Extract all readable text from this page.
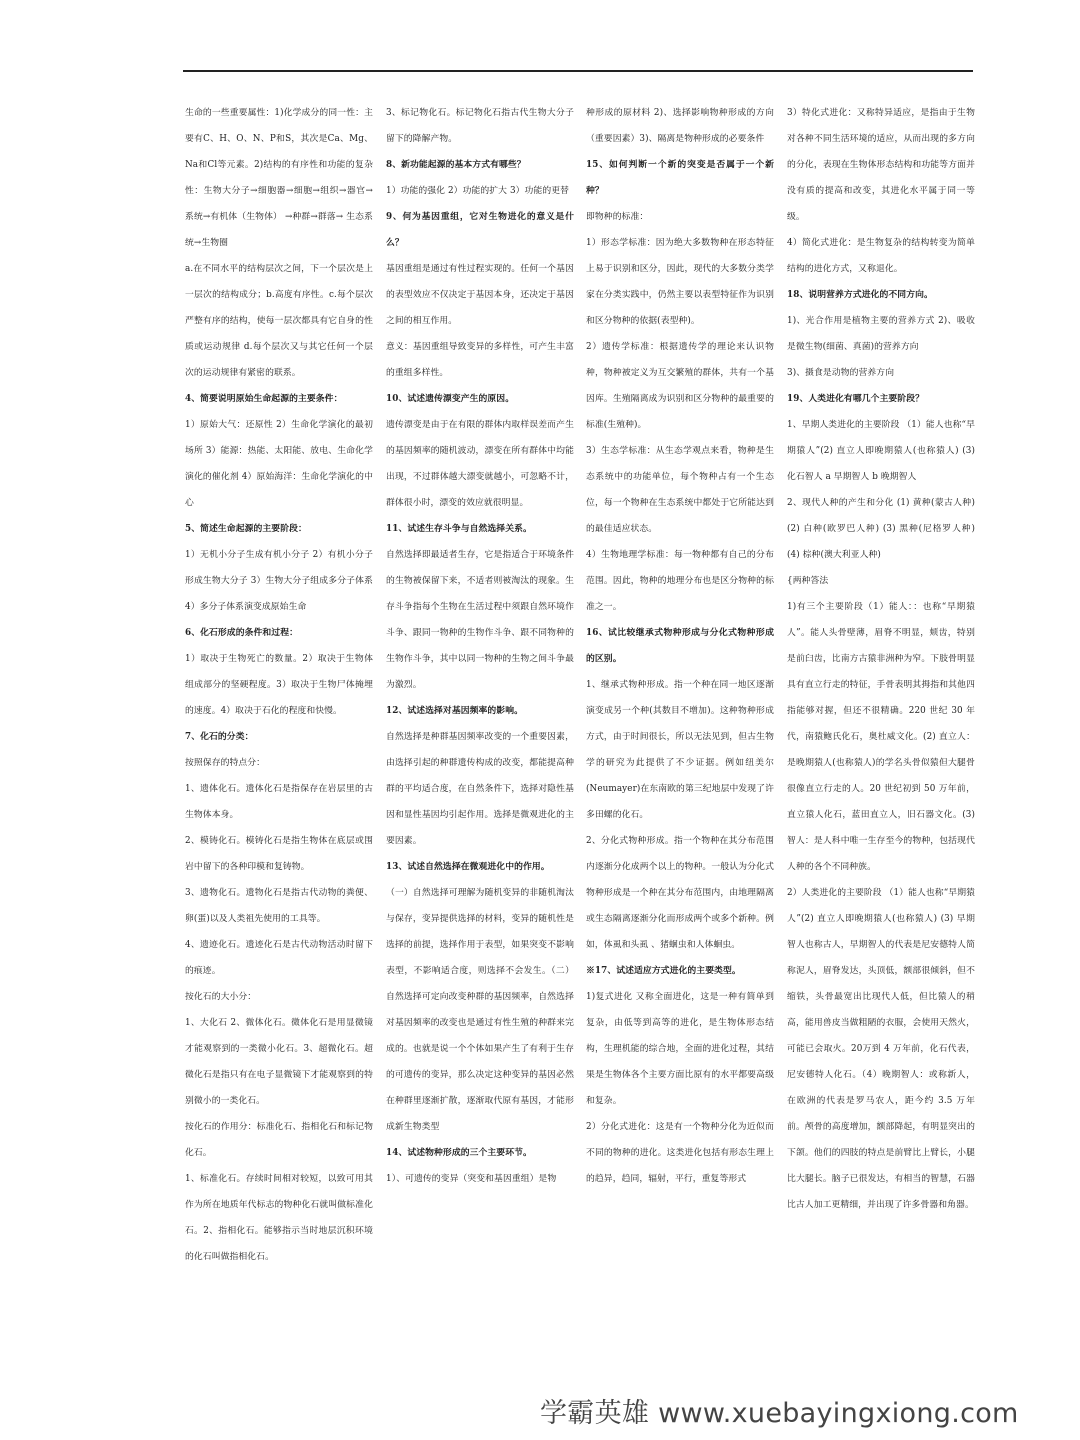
生命的一些重要属性：1)化学成分的同一性：主要有C、H、O、N、P和S，其次是Ca、Mg、Na和Cl等元素。2)结构的有序性和功能的复杂性：生物大分子→细胞器→细胞→组织→器官→系统→有机体（生物体） →种群→群落→ 生态系统→生物圈

a.在不同水平的结构层次之间，下一个层次是上一层次的结构成分；b.高度有序性。c.每个层次严整有序的结构，使每一层次都具有它自身的性质或运动规律 d.每个层次又与其它任何一个层次的运动规律有紧密的联系。

4、简要说明原始生命起源的主要条件：

1）原始大气：还原性 2）生命化学演化的最初场所 3）能源：热能、太阳能、放电、生命化学演化的催化剂 4）原始海洋：生命化学演化的中心

5、简述生命起源的主要阶段：

1）无机小分子生成有机小分子 2）有机小分子形成生物大分子 3）生物大分子组成多分子体系 4）多分子体系演变成原始生命

6、化石形成的条件和过程：

1）取决于生物死亡的数量。2）取决于生物体组成部分的坚硬程度。3）取决于生物尸体掩埋的速度。4）取决于石化的程度和快慢。

7、化石的分类：

按照保存的特点分：

1、遗体化石。遗体化石是指保存在岩层里的古生物体本身。

2、模铸化石。模铸化石是指生物体在底层或围岩中留下的各种印模和复铸物。

3、遗物化石。遗物化石是指古代动物的粪便、卵(蛋)以及人类祖先使用的工具等。

4、遗迹化石。遗迹化石是古代动物活动时留下的痕迹。

按化石的大小分：

1、大化石 2、微体化石。微体化石是用显微镜才能观察到的一类微小化石。3、超微化石。超微化石是指只有在电子显微镜下才能观察到的特别微小的一类化石。

按化石的作用分：标准化石、指相化石和标记物化石。

1、标准化石。存续时间相对较短，以致可用其作为所在地质年代标志的物种化石就叫做标准化石。2、指相化石。能够指示当时地层沉积环境的化石叫做指相化石。

3、标记物化石。标记物化石指古代生物大分子留下的降解产物。

8、新功能起源的基本方式有哪些？

1）功能的强化 2）功能的扩大 3）功能的更替

9、何为基因重组，它对生物进化的意义是什么？

基因重组是通过有性过程实现的。任何一个基因的表型效应不仅决定于基因本身，还决定于基因之间的相互作用。

意义：基因重组导致变异的多样性，可产生丰富的重组多样性。

10、试述遗传漂变产生的原因。

遗传漂变是由于在有限的群体内取样误差而产生的基因频率的随机波动，漂变在所有群体中均能出现，不过群体越大漂变就越小，可忽略不计，群体很小时，漂变的效应就很明显。

11、试述生存斗争与自然选择关系。

自然选择即最适者生存，它是指适合于环境条件的生物被保留下来，不适者则被淘汰的现象。生存斗争指每个生物在生活过程中须跟自然环境作斗争、跟同一物种的生物作斗争、跟不同物种的生物作斗争，其中以同一物种的生物之间斗争最为激烈。

12、试述选择对基因频率的影响。

自然选择是种群基因频率改变的一个重要因素，由选择引起的种群遗传构成的改变，都能提高种群的平均适合度，在自然条件下，选择对隐性基因和显性基因均引起作用。选择是微观进化的主要因素。

13、试述自然选择在微观进化中的作用。

（一）自然选择可理解为随机变异的非随机淘汰与保存，变异提供选择的材料，变异的随机性是选择的前提，选择作用于表型，如果突变不影响表型，不影响适合度，则选择不会发生。（二）自然选择可定向改变种群的基因频率，自然选择对基因频率的改变也是通过有性生殖的种群来完成的。也就是说一个个体如果产生了有利于生存的可遗传的变异，那么决定这种变异的基因必然在种群里逐渐扩散，逐渐取代原有基因，才能形成新生物类型

14、试述物种形成的三个主要环节。

1）、可遗传的变异（突变和基因重组）是物

种形成的原材料 2)、选择影响物种形成的方向（重要因素）3)、隔离是物种形成的必要条件

15、如何判断一个新的突变是否属于一个新种？

即物种的标准：

1）形态学标准：因为绝大多数物种在形态特征上易于识别和区分，因此，现代的大多数分类学家在分类实践中，仍然主要以表型特征作为识别和区分物种的依据(表型种)。

2）遗传学标准：根据遗传学的理论来认识物种，物种被定义为互交繁殖的群体，共有一个基因库。生殖隔离成为识别和区分物种的最重要的标准(生殖种)。

3）生态学标准：从生态学观点来看，物种是生态系统中的功能单位，每个物种占有一个生态位，每一个物种在生态系统中都处于它所能达到的最佳适应状态。

4）生物地理学标准：每一物种都有自己的分布范围。因此，物种的地理分布也是区分物种的标准之一。

16、试比较继承式物种形成与分化式物种形成的区别。

1、继承式物种形成。指一个种在同一地区逐渐演变成另一个种(其数目不增加)。这种物种形成方式，由于时间很长，所以无法见到，但古生物学的研究为此提供了不少证据。例如纽美尔(Neumayer)在东南欧的第三纪地层中发现了许多田螺的化石。

2、分化式物种形成。指一个物种在其分布范围内逐渐分化成两个以上的物种。一般认为分化式物种形成是一个种在其分布范围内，由地理隔离或生态隔离逐渐分化而形成两个或多个新种。例如，体虱和头虱 、猪蛔虫和人体蛔虫。

※17、试述适应方式进化的主要类型。

1)复式进化 又称全面进化，这是一种有简单到复杂，由低等到高等的进化，是生物体形态结构，生理机能的综合地，全面的进化过程，其结果是生物体各个主要方面比原有的水平都要高级和复杂。

2）分化式进化：这是有一个物种分化为近似而不同的物种的进化。这类进化包括有形态生理上的趋异，趋同，辐射，平行，重复等形式

3）特化式进化：又称特异适应，是指由于生物对各种不同生活环境的适应，从而出现的多方向的分化，表现在生物体形态结构和功能等方面并没有质的提高和改变，其进化水平属于同一等级。

4）简化式进化：是生物复杂的结构转变为简单结构的进化方式，又称退化。

18、说明营养方式进化的不同方向。

1)、光合作用是植物主要的营养方式 2)、吸收是微生物(细菌、真菌)的营养方向

3)、摄食是动物的营养方向

19、人类进化有哪几个主要阶段？

1、早期人类进化的主要阶段 （1）能人也称“早期猿人”(2) 直立人即晚期猿人(也称猿人) (3) 化石智人 a 早期智人 b 晚期智人

2、现代人种的产生和分化 (1) 黄种(蒙古人种) (2) 白种(欧罗巴人种) (3) 黑种(尼格罗人种) (4) 棕种(澳大利亚人种)

{两种答法

1)有三个主要阶段（1）能人：：也称“早期猿人”。能人头骨壁薄，眉脊不明显，颊齿，特别是前臼齿，比南方古猿非洲种为窄。下肢骨明显具有直立行走的特征，手骨表明其拇指和其他四指能够对握，但还不很精确。220 世纪 30 年代，南猿鲍氏化石，奥杜威文化。(2) 直立人：是晚期猿人(也称猿人)的学名头骨似猿但大腿骨很像直立行走的人。20 世纪初到 50 万年前，直立猿人化石，蓝田直立人，旧石器文化。(3) 智人：是人科中唯一生存至今的物种，包括现代人种的各个不同种族。

2）人类进化的主要阶段 （1）能人也称“早期猿人”(2) 直立人即晚期猿人(也称猿人) (3) 早期智人也称古人，早期智人的代表是尼安德特人简称泥人，眉脊发达，头顶低，额部很倾斜，但不缩铁，头骨最宽出比现代人低，但比猿人的稍高，能用兽皮当做粗陋的衣服，会使用天然火，可能已会取火。20万到 4 万年前，化石代表，尼安德特人化石。（4）晚期智人：或称新人，在欧洲的代表是罗马农人，距今约 3.5 万年前。颅骨的高度增加，额部降起，有明显突出的下颌。他们的四肢的特点是前臂比上臂长，小腿比大腿长。脑子已很发达，有相当的智慧，石器比古人加工更精细，并出现了许多骨器和角器。

学霸英雄 www.xuebayingxiong.com
